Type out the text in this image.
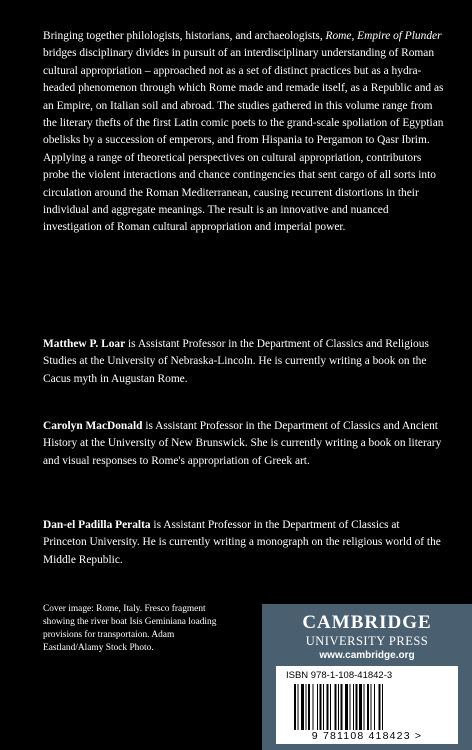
Bringing together philologists, historians, and archaeologists, Rome, Empire of Plunder bridges disciplinary divides in pursuit of an interdisciplinary understanding of Roman cultural appropriation – approached not as a set of distinct practices but as a hydra-headed phenomenon through which Rome made and remade itself, as a Republic and as an Empire, on Italian soil and abroad. The studies gathered in this volume range from the literary thefts of the first Latin comic poets to the grand-scale spoliation of Egyptian obelisks by a succession of emperors, and from Hispania to Pergamon to Qasr Ibrim. Applying a range of theoretical perspectives on cultural appropriation, contributors probe the violent interactions and chance contingencies that sent cargo of all sorts into circulation around the Roman Mediterranean, causing recurrent distortions in their individual and aggregate meanings. The result is an innovative and nuanced investigation of Roman cultural appropriation and imperial power.

Matthew P. Loar is Assistant Professor in the Department of Classics and Religious Studies at the University of Nebraska-Lincoln. He is currently writing a book on the Cacus myth in Augustan Rome.

Carolyn MacDonald is Assistant Professor in the Department of Classics and Ancient History at the University of New Brunswick. She is currently writing a book on literary and visual responses to Rome's appropriation of Greek art.

Dan-el Padilla Peralta is Assistant Professor in the Department of Classics at Princeton University. He is currently writing a monograph on the religious world of the Middle Republic.

Cover image: Rome, Italy. Fresco fragment showing the river boat Isis Geminiana loading provisions for transportaion. Adam Eastland/Alamy Stock Photo.

CAMBRIDGE
UNIVERSITY PRESS
www.cambridge.org
ISBN 978-1-108-41842-3
9 781108 418423 >
